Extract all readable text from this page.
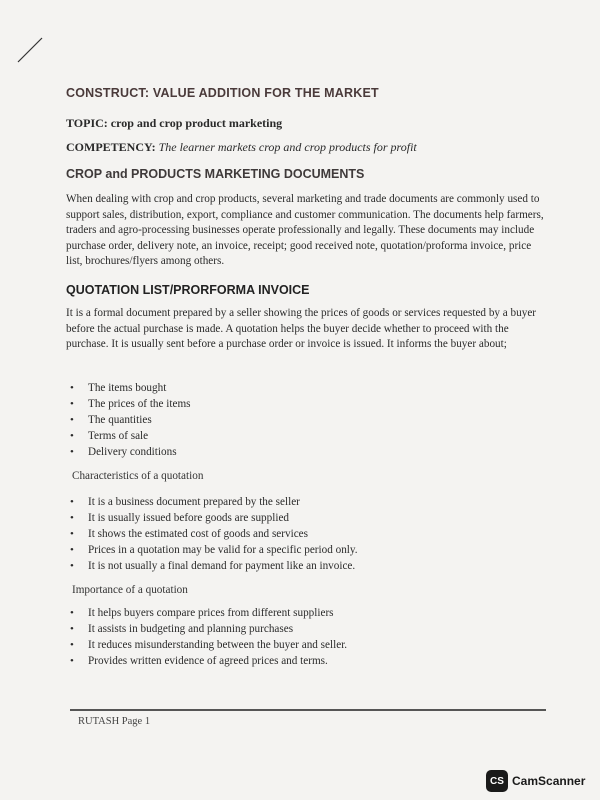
CONSTRUCT: VALUE ADDITION FOR THE MARKET
TOPIC: crop and crop product marketing
COMPETENCY: The learner markets crop and crop products for profit
CROP and PRODUCTS MARKETING DOCUMENTS

When dealing with crop and crop products, several marketing and trade documents are commonly used to support sales, distribution, export, compliance and customer communication. The documents help farmers, traders and agro-processing businesses operate professionally and legally. These documents may include purchase order, delivery note, an invoice, receipt; good received note, quotation/proforma invoice, price list, brochures/flyers among others.

QUOTATION LIST/PRORFORMA INVOICE

It is a formal document prepared by a seller showing the prices of goods or services requested by a buyer before the actual purchase is made. A quotation helps the buyer decide whether to proceed with the purchase. It is usually sent before a purchase order or invoice is issued. It informs the buyer about;

• The items bought
• The prices of the items
• The quantities
• Terms of sale
• Delivery conditions
Characteristics of a quotation
• It is a business document prepared by the seller
• It is usually issued before goods are supplied
• It shows the estimated cost of goods and services
• Prices in a quotation may be valid for a specific period only.
• It is not usually a final demand for payment like an invoice.
Importance of a quotation
• It helps buyers compare prices from different suppliers
• It assists in budgeting and planning purchases
• It reduces misunderstanding between the buyer and seller.
• Provides written evidence of agreed prices and terms.
RUTASH Page 1
CS CamScanner
